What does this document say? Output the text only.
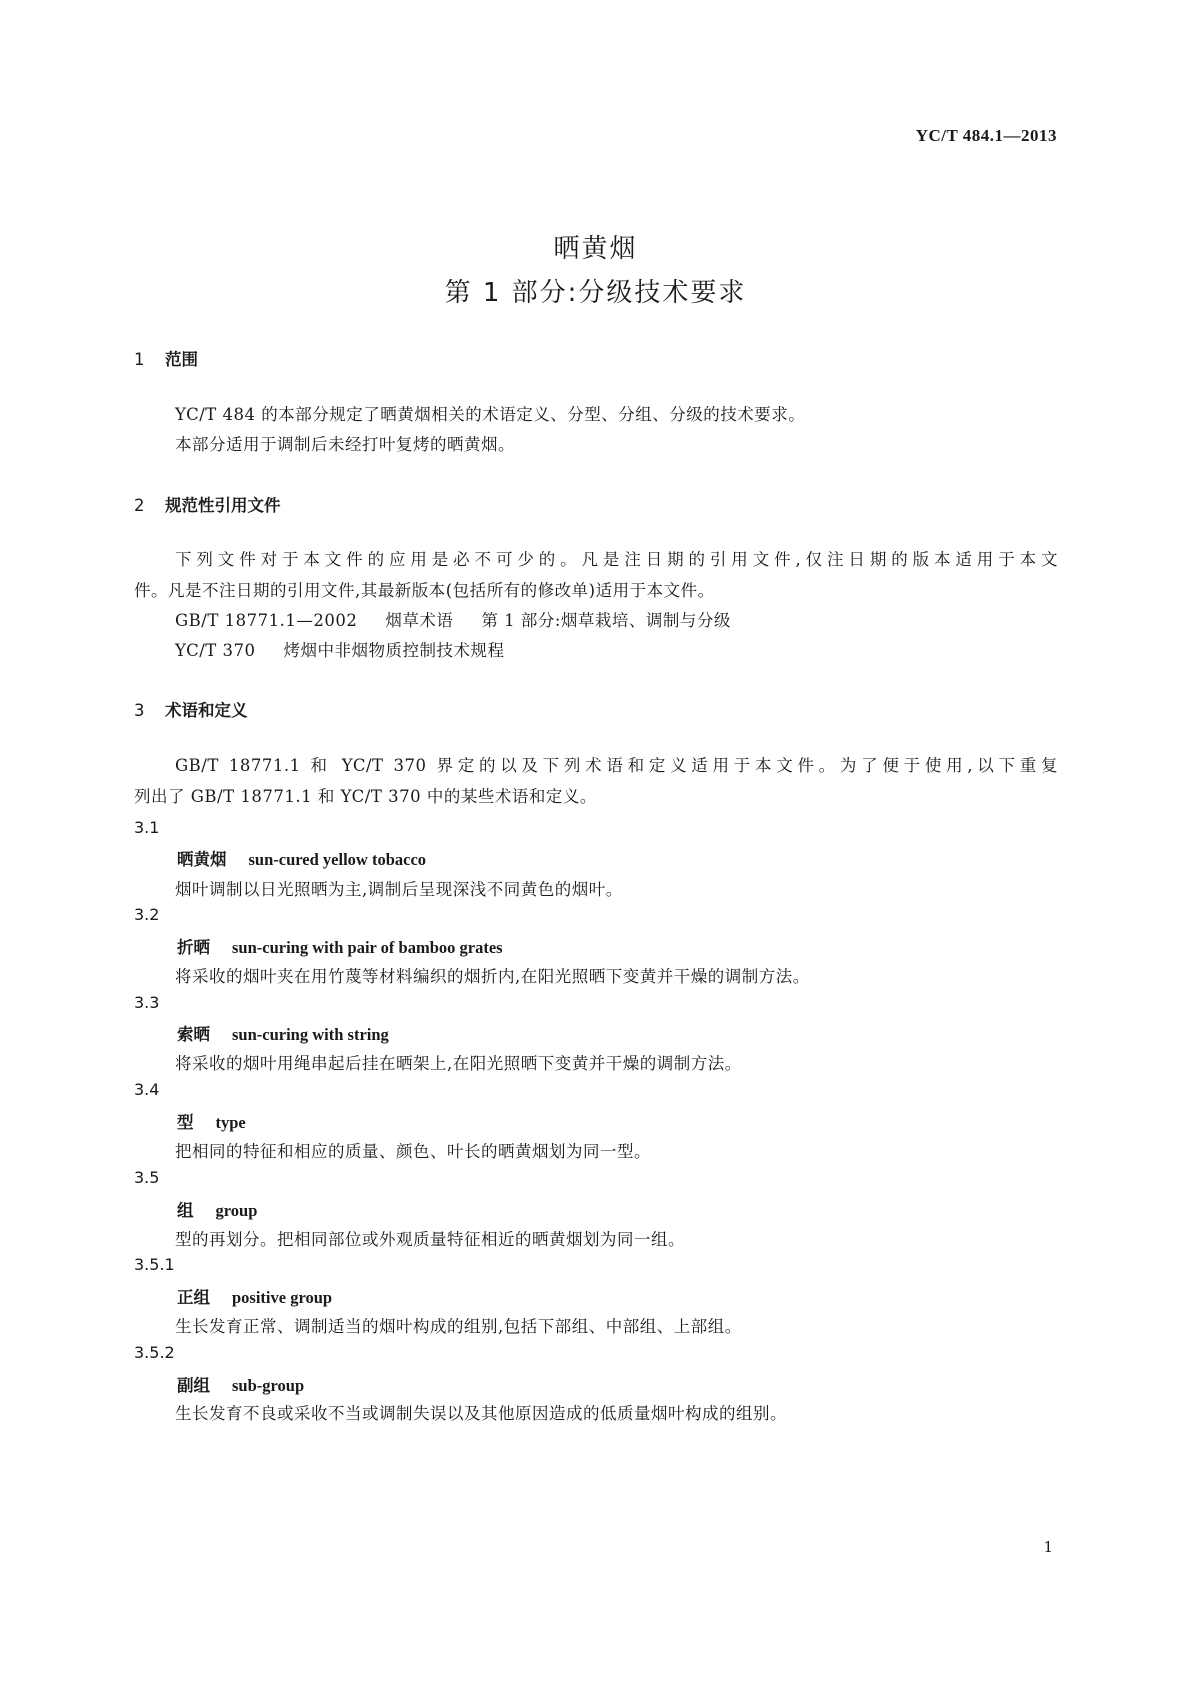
YC/T 484.1—2013
晒黄烟
第 1 部分:分级技术要求
1 范围
YC/T 484 的本部分规定了晒黄烟相关的术语定义、分型、分组、分级的技术要求。
本部分适用于调制后未经打叶复烤的晒黄烟。
2 规范性引用文件
下列文件对于本文件的应用是必不可少的。凡是注日期的引用文件,仅注日期的版本适用于本文
件。凡是不注日期的引用文件,其最新版本(包括所有的修改单)适用于本文件。
GB/T 18771.1—2002 烟草术语 第 1 部分:烟草栽培、调制与分级
YC/T 370 烤烟中非烟物质控制技术规程
3 术语和定义
GB/T 18771.1 和 YC/T 370 界定的以及下列术语和定义适用于本文件。为了便于使用,以下重复
列出了 GB/T 18771.1 和 YC/T 370 中的某些术语和定义。
3.1
晒黄烟 sun-cured yellow tobacco
烟叶调制以日光照晒为主,调制后呈现深浅不同黄色的烟叶。
3.2
折晒 sun-curing with pair of bamboo grates
将采收的烟叶夹在用竹蔑等材料编织的烟折内,在阳光照晒下变黄并干燥的调制方法。
3.3
索晒 sun-curing with string
将采收的烟叶用绳串起后挂在晒架上,在阳光照晒下变黄并干燥的调制方法。
3.4
型 type
把相同的特征和相应的质量、颜色、叶长的晒黄烟划为同一型。
3.5
组 group
型的再划分。把相同部位或外观质量特征相近的晒黄烟划为同一组。
3.5.1
正组 positive group
生长发育正常、调制适当的烟叶构成的组别,包括下部组、中部组、上部组。
3.5.2
副组 sub-group
生长发育不良或采收不当或调制失误以及其他原因造成的低质量烟叶构成的组别。
1
